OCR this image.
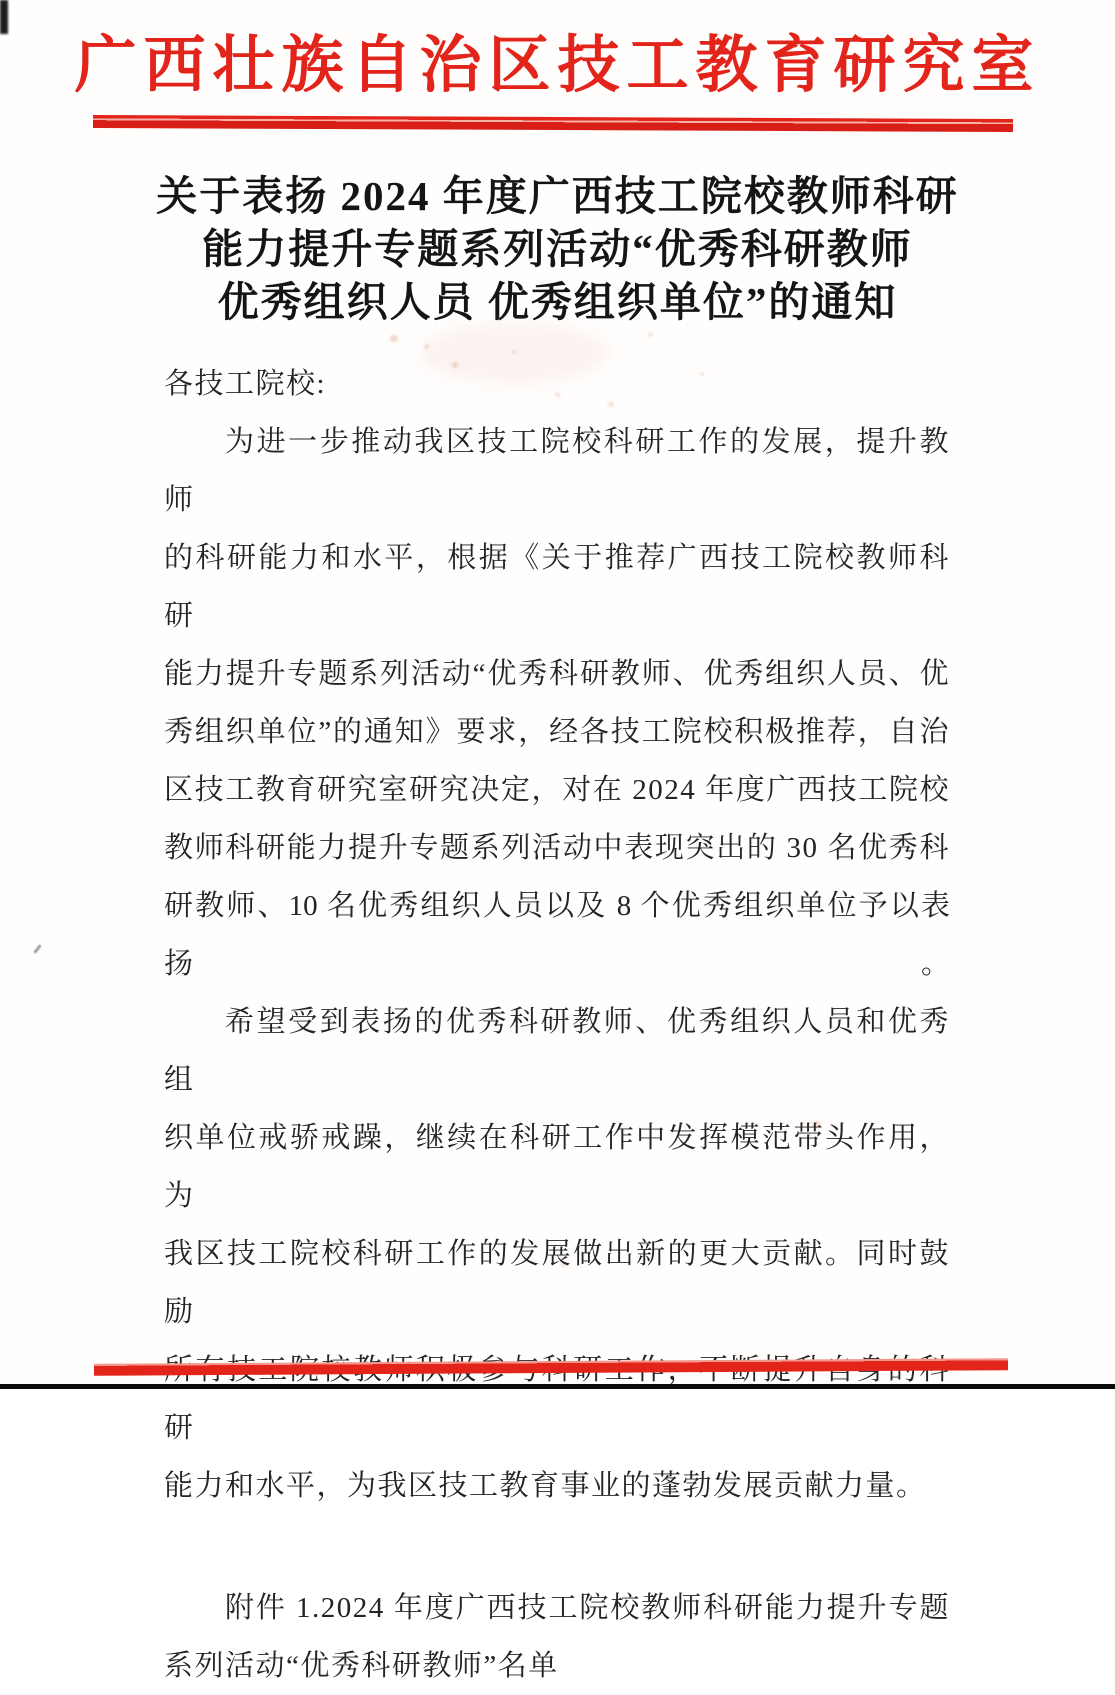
广西壮族自治区技工教育研究室
关于表扬 2024 年度广西技工院校教师科研
能力提升专题系列活动“优秀科研教师
优秀组织人员 优秀组织单位”的通知
各技工院校:
为进一步推动我区技工院校科研工作的发展，提升教师
的科研能力和水平，根据《关于推荐广西技工院校教师科研
能力提升专题系列活动“优秀科研教师、优秀组织人员、优
秀组织单位”的通知》要求，经各技工院校积极推荐，自治
区技工教育研究室研究决定，对在 2024 年度广西技工院校
教师科研能力提升专题系列活动中表现突出的 30 名优秀科
研教师、10 名优秀组织人员以及 8 个优秀组织单位予以表扬。
希望受到表扬的优秀科研教师、优秀组织人员和优秀组
织单位戒骄戒躁，继续在科研工作中发挥模范带头作用，为
我区技工院校科研工作的发展做出新的更大贡献。同时鼓励
研
能力和水平，为我区技工教育事业的蓬勃发展贡献力量。
附件 1.2024 年度广西技工院校教师科研能力提升专题
系列活动“优秀科研教师”名单
